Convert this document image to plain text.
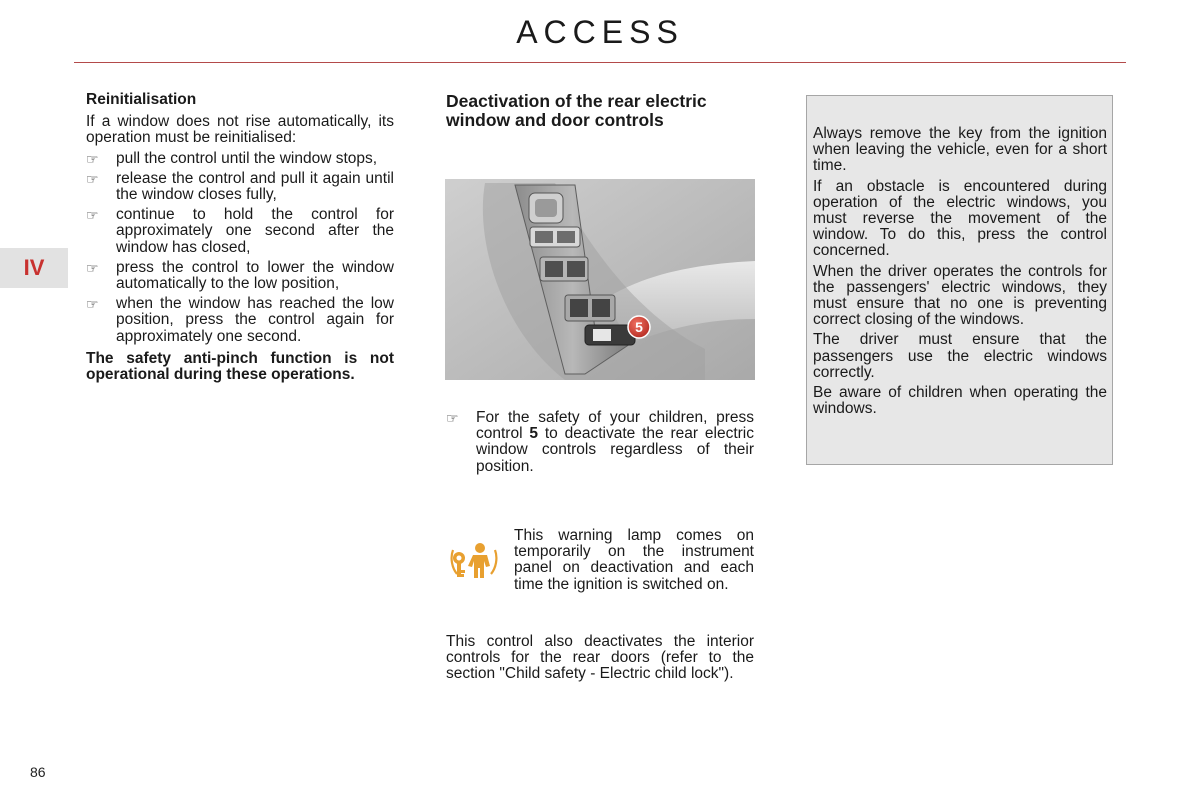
ACCESS
IV
86
Reinitialisation

If a window does not rise automatically, its operation must be reinitialised:

☞	pull the control until the window stops,
☞	release the control and pull it again until the window closes fully,
☞	continue to hold the control for approximately one second after the window has closed,
☞	press the control to lower the window automatically to the low position,
☞	when the window has reached the low position, press the control again for approximately one second.
The safety anti-pinch function is not operational during these operations.
Deactivation of the rear electric window and door controls
5
☞	For the safety of your children, press control 5 to deactivate the rear electric window controls regardless of their position.
This warning lamp comes on temporarily on the instrument panel on deactivation and each time the ignition is switched on.
This control also deactivates the interior controls for the rear doors (refer to the section "Child safety - Electric child lock").

Always remove the key from the ignition when leaving the vehicle, even for a short time.

If an obstacle is encountered during operation of the electric windows, you must reverse the movement of the window. To do this, press the control concerned.

When the driver operates the controls for the passengers' electric windows, they must ensure that no one is preventing correct closing of the windows.

The driver must ensure that the passengers use the electric windows correctly.

Be aware of children when operating the windows.
